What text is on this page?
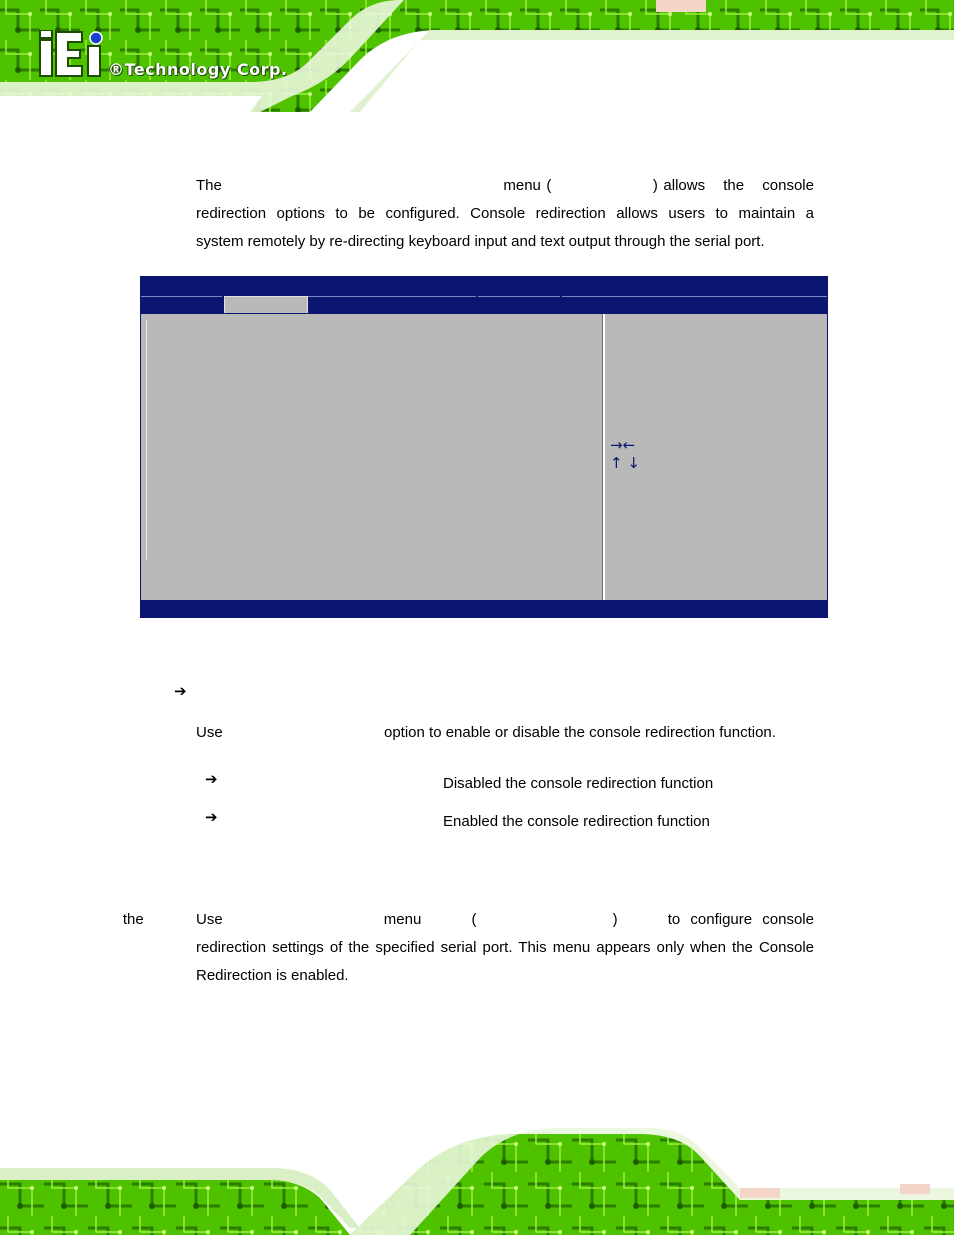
®Technology Corp.
The	menu (	) allows the console
redirection options to be configured. Console redirection allows users to maintain a
system remotely by re-directing keyboard input and text output through the serial port.
→←
↑ ↓
➔
Use	option to enable or disable the console redirection function.
➔	Disabled the console redirection function
➔	Enabled the console redirection function
Use
the	menu	(	)	to configure console
redirection settings of the specified serial port. This menu appears only when the Console
Redirection is enabled.
